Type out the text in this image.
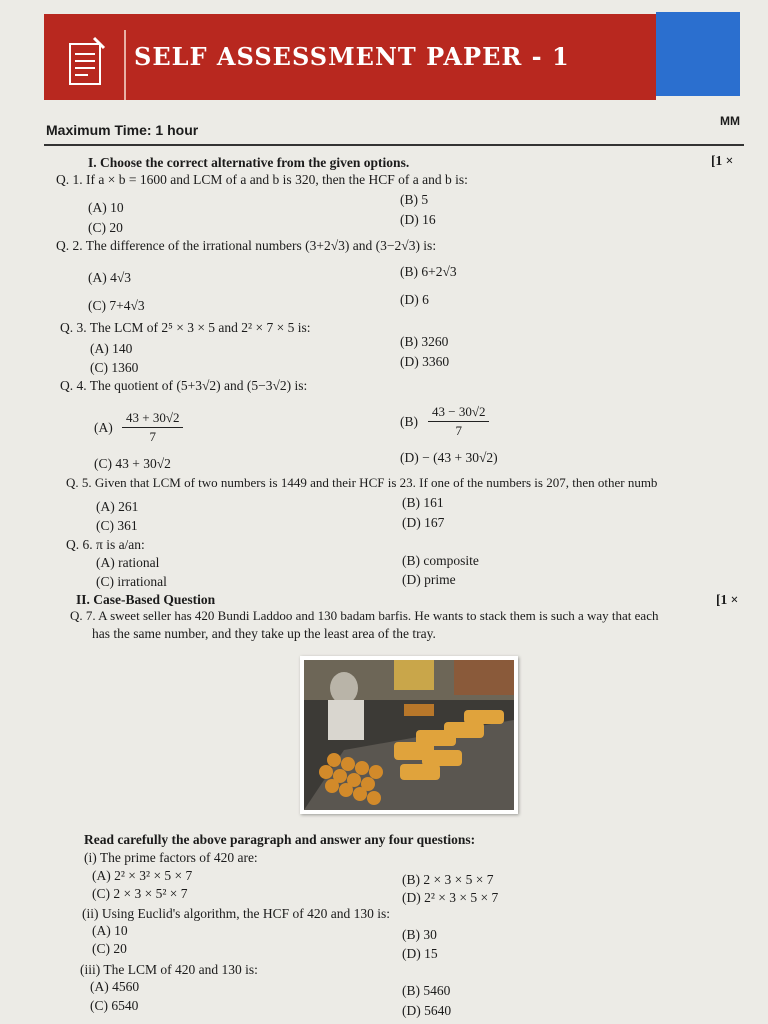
SELF ASSESSMENT PAPER - 1
Maximum Time: 1 hour
MM
I. Choose the correct alternative from the given options.	[1 ×
Q. 1. If a × b = 1600 and LCM of a and b is 320, then the HCF of a and b is:
(A) 10
(B) 5
(C) 20
(D) 16
Q. 2. The difference of the irrational numbers (3+2√3) and (3−2√3) is:
(A) 4√3	(B) 6+2√3
(C) 7+4√3	(D) 6
Q. 3. The LCM of 2⁵ × 3 × 5 and 2² × 7 × 5 is:
(A) 140	(B) 3260
(C) 1360	(D) 3360
Q. 4. The quotient of (5+3√2) and (5−3√2) is:
$(A) \frac{43 + 30√2}{7}$	$(B) \frac{43 - 30√2}{7}$
(C) 43 + 30√2	(D) − (43 + 30√2)
Q. 5. Given that LCM of two numbers is 1449 and their HCF is 23. If one of the numbers is 207, then other numb
(A) 261	(B) 161
(C) 361	(D) 167
Q. 6. π is a/an:
(A) rational	(B) composite
(C) irrational	(D) prime
II. Case-Based Question	[1 ×
Q. 7. A sweet seller has 420 Bundi Laddoo and 130 badam barfis. He wants to stack them is such a way that each
has the same number, and they take up the least area of the tray.
Read carefully the above paragraph and answer any four questions:
(i) The prime factors of 420 are:
(A) 2² × 3² × 5 × 7	(B) 2 × 3 × 5 × 7
(C) 2 × 3 × 5² × 7	(D) 2² × 3 × 5 × 7
(ii) Using Euclid's algorithm, the HCF of 420 and 130 is:
(A) 10	(B) 30
(C) 20	(D) 15
(iii) The LCM of 420 and 130 is:
(A) 4560	(B) 5460
(C) 6540	(D) 5640
